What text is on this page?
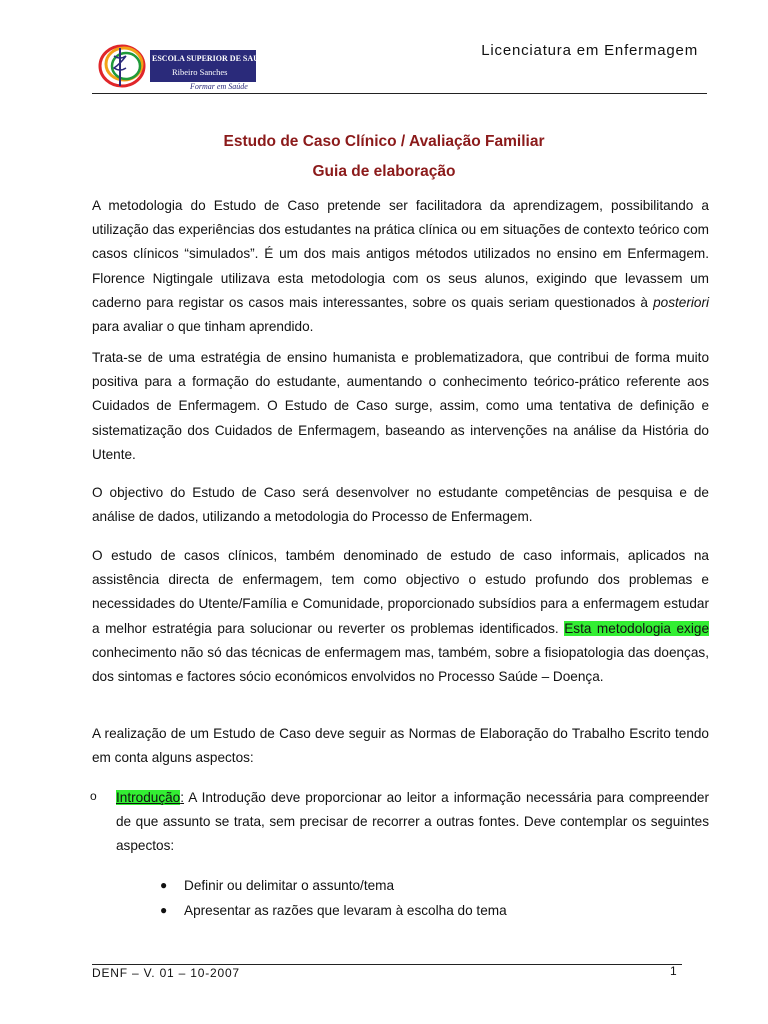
ESCOLA SUPERIOR DE SAÚDE
Ribeiro Sanches
Formar em Saúde
Licenciatura em Enfermagem
Estudo de Caso Clínico / Avaliação Familiar
Guia de elaboração

A metodologia do Estudo de Caso pretende ser facilitadora da aprendizagem, possibilitando a utilização das experiências dos estudantes na prática clínica ou em situações de contexto teórico com casos clínicos “simulados”. É um dos mais antigos métodos utilizados no ensino em Enfermagem. Florence Nigtingale utilizava esta metodologia com os seus alunos, exigindo que levassem um caderno para registar os casos mais interessantes, sobre os quais seriam questionados à posteriori para avaliar o que tinham aprendido.

Trata-se de uma estratégia de ensino humanista e problematizadora, que contribui de forma muito positiva para a formação do estudante, aumentando o conhecimento teórico-prático referente aos Cuidados de Enfermagem. O Estudo de Caso surge, assim, como uma tentativa de definição e sistematização dos Cuidados de Enfermagem, baseando as intervenções na análise da História do Utente.

O objectivo do Estudo de Caso será desenvolver no estudante competências de pesquisa e de análise de dados, utilizando a metodologia do Processo de Enfermagem.

O estudo de casos clínicos, também denominado de estudo de caso informais, aplicados na assistência directa de enfermagem, tem como objectivo o estudo profundo dos problemas e necessidades do Utente/Família e Comunidade, proporcionado subsídios para a enfermagem estudar a melhor estratégia para solucionar ou reverter os problemas identificados. Esta metodologia exige conhecimento não só das técnicas de enfermagem mas, também, sobre a fisiopatologia das doenças, dos sintomas e factores sócio económicos envolvidos no Processo Saúde – Doença.

A realização de um Estudo de Caso deve seguir as Normas de Elaboração do Trabalho Escrito tendo em conta alguns aspectos:

o Introdução: A Introdução deve proporcionar ao leitor a informação necessária para compreender de que assunto se trata, sem precisar de recorrer a outras fontes. Deve contemplar os seguintes aspectos:

● Definir ou delimitar o assunto/tema
● Apresentar as razões que levaram à escolha do tema
DENF – V. 01 – 10-2007	1
